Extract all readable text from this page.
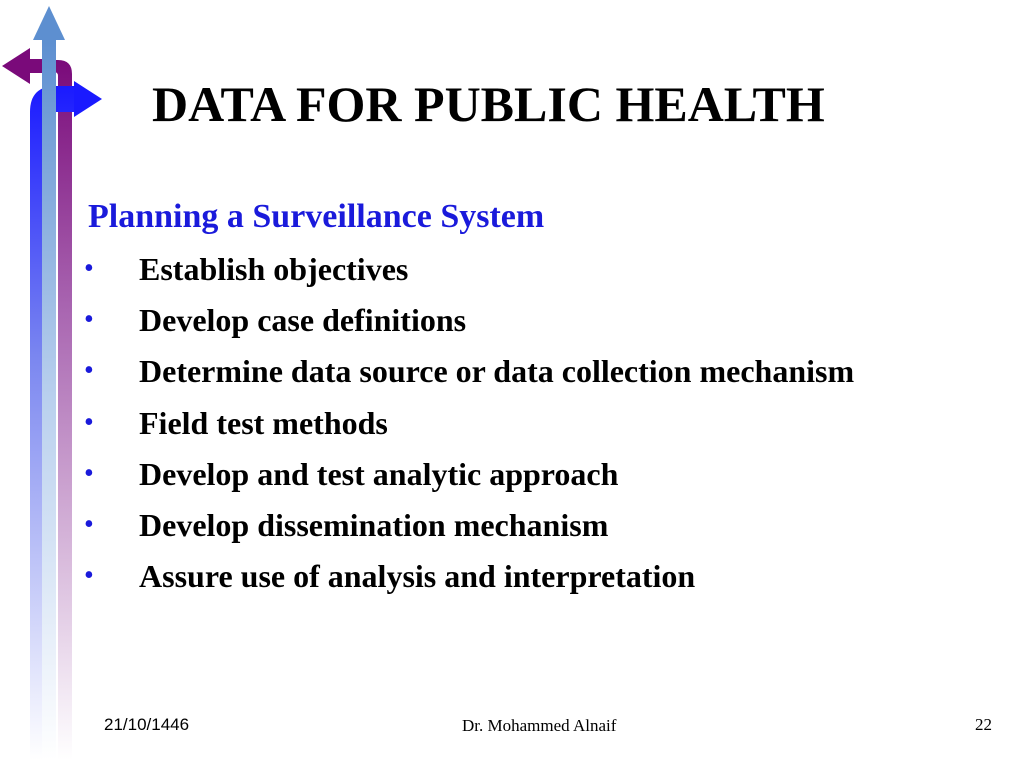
DATA FOR PUBLIC HEALTH
Planning a Surveillance System
• Establish objectives
• Develop case definitions
• Determine data source or data collection mechanism
• Field test methods
• Develop and test analytic approach
• Develop dissemination mechanism
• Assure use of analysis and interpretation
21/10/1446	Dr. Mohammed Alnaif	22
